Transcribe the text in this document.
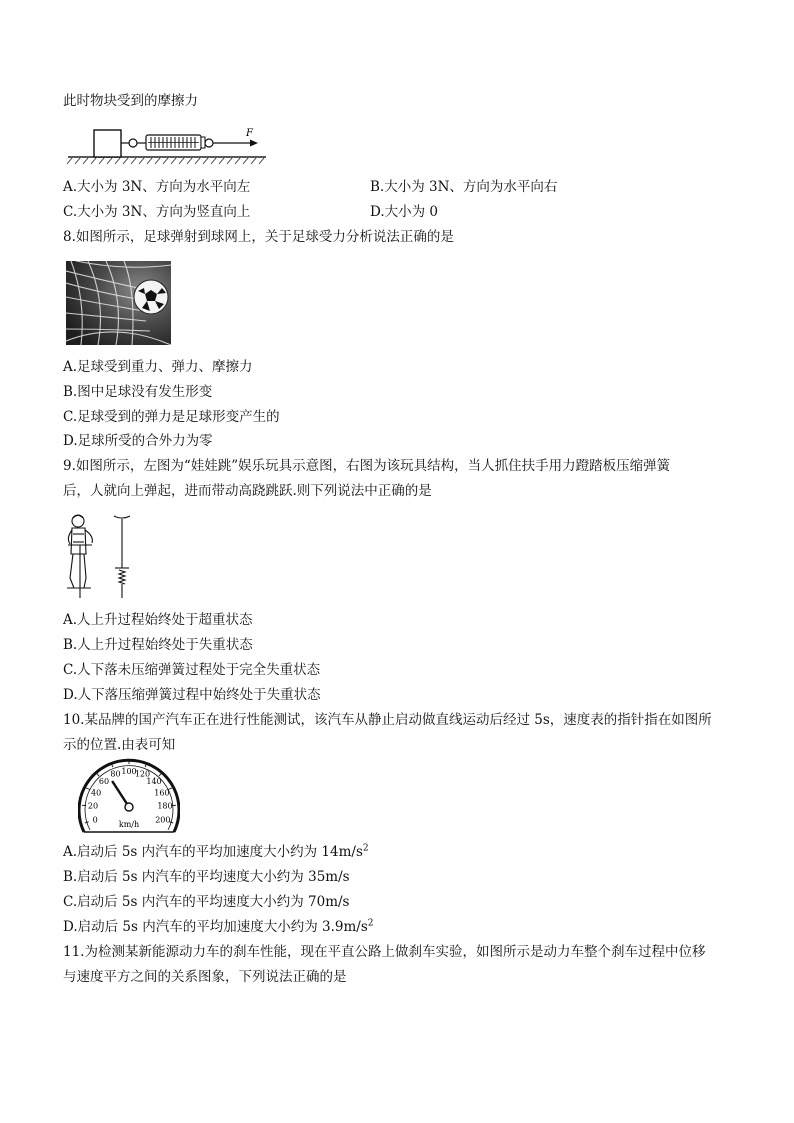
此时物块受到的摩擦力
F
A.大小为 3N、方向为水平向左	B.大小为 3N、方向为水平向右
C.大小为 3N、方向为竖直向上	D.大小为 0
8.如图所示，足球弹射到球网上，关于足球受力分析说法正确的是
A.足球受到重力、弹力、摩擦力
B.图中足球没有发生形变
C.足球受到的弹力是足球形变产生的
D.足球所受的合外力为零
9.如图所示，左图为“娃娃跳”娱乐玩具示意图，右图为该玩具结构，当人抓住扶手用力蹬踏板压缩弹簧
后，人就向上弹起，进而带动高跷跳跃.则下列说法中正确的是
A.人上升过程始终处于超重状态
B.人上升过程始终处于失重状态
C.人下落未压缩弹簧过程处于完全失重状态
D.人下落压缩弹簧过程中始终处于失重状态
10.某品牌的国产汽车正在进行性能测试，该汽车从静止启动做直线运动后经过 5s，速度表的指针指在如图所
示的位置.由表可知
0
20
40
60
80 100
120
140
160
180
200
km/h
A.启动后 5s 内汽车的平均加速度大小约为 $14m/s^2$
B.启动后 5s 内汽车的平均速度大小约为 35m/s
C.启动后 5s 内汽车的平均速度大小约为 70m/s
D.启动后 5s 内汽车的平均加速度大小约为 $3.9m/s^2$
11.为检测某新能源动力车的刹车性能，现在平直公路上做刹车实验，如图所示是动力车整个刹车过程中位移
与速度平方之间的关系图象，下列说法正确的是
